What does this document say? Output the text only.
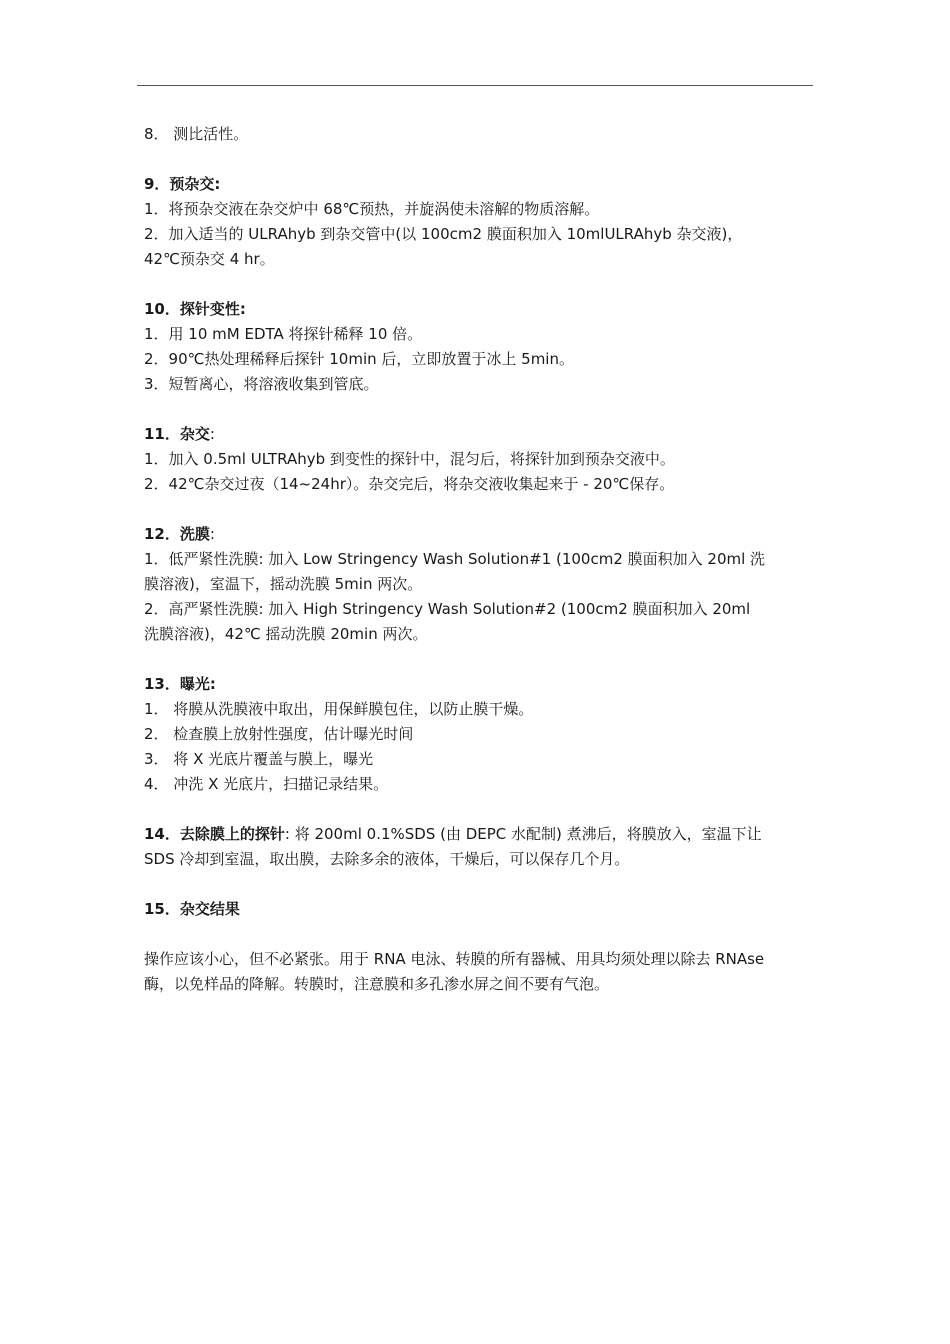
8． 测比活性。
9．预杂交:
1．将预杂交液在杂交炉中 68℃预热，并旋涡使未溶解的物质溶解。
2．加入适当的 ULRAhyb 到杂交管中(以 100cm2 膜面积加入 10mlULRAhyb 杂交液)，
42℃预杂交 4 hr。
10．探针变性:
1．用 10 mM EDTA 将探针稀释 10 倍。
2．90℃热处理稀释后探针 10min 后，立即放置于冰上 5min。
3．短暂离心，将溶液收集到管底。
11．杂交:
1．加入 0.5ml ULTRAhyb 到变性的探针中，混匀后，将探针加到预杂交液中。
2．42℃杂交过夜（14~24hr）。杂交完后，将杂交液收集起来于 - 20℃保存。
12．洗膜:
1．低严紧性洗膜: 加入 Low Stringency Wash Solution#1 (100cm2 膜面积加入 20ml 洗
膜溶液)，室温下，摇动洗膜 5min 两次。
2．高严紧性洗膜: 加入 High Stringency Wash Solution#2 (100cm2 膜面积加入 20ml
洗膜溶液)，42℃ 摇动洗膜 20min 两次。
13．曝光:
1． 将膜从洗膜液中取出，用保鲜膜包住，以防止膜干燥。
2． 检查膜上放射性强度，估计曝光时间
3． 将 X 光底片覆盖与膜上，曝光
4． 冲洗 X 光底片，扫描记录结果。
14．去除膜上的探针: 将 200ml 0.1%SDS (由 DEPC 水配制) 煮沸后，将膜放入，室温下让
SDS 冷却到室温，取出膜，去除多余的液体，干燥后，可以保存几个月。
15．杂交结果
操作应该小心，但不必紧张。用于 RNA 电泳、转膜的所有器械、用具均须处理以除去 RNAse
酶，以免样品的降解。转膜时，注意膜和多孔渗水屏之间不要有气泡。
